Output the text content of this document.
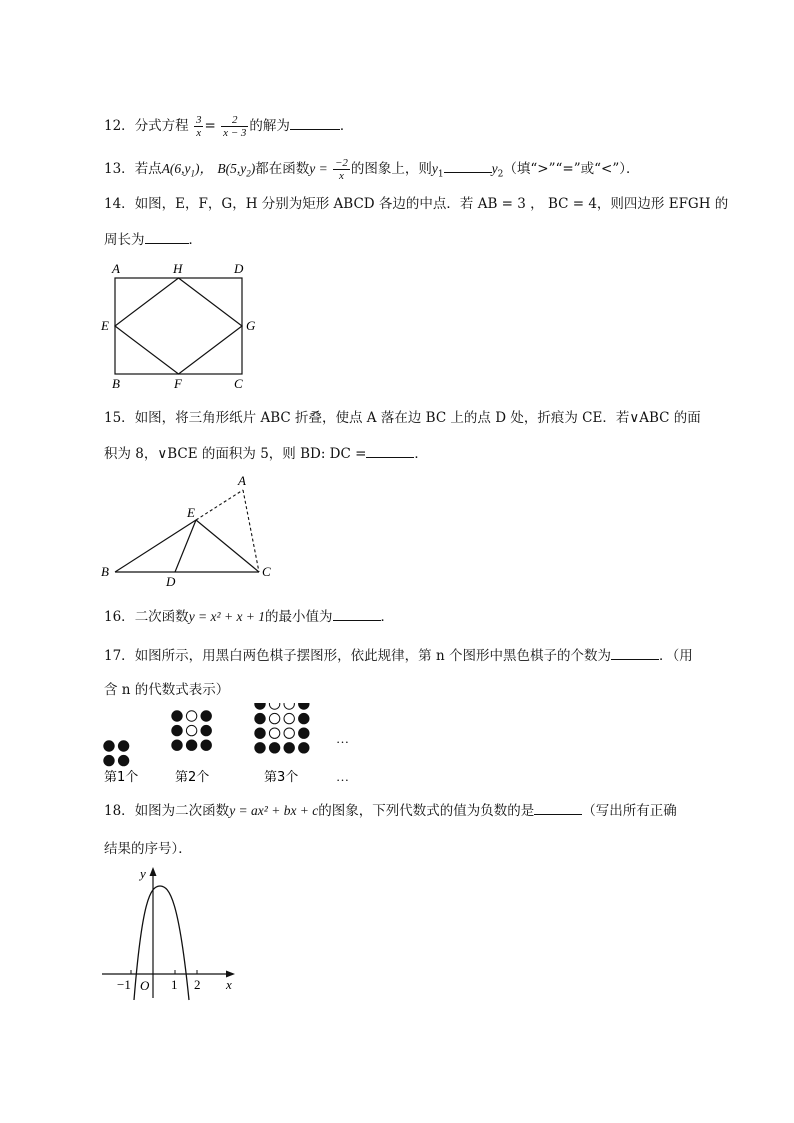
12．分式方程 $\frac{3}{x} = \frac{2}{x - 3}$ 的解为	．
13．若点$A(6,y_1)$， $B(5,y_2)$都在函数$y = \frac{-2}{x}$ 的图象上，则$y_1$	$y_2$（填“>”“=”或“<”）．
14．如图，E，F，G，H 分别为矩形 ABCD 各边的中点．若 AB = 3 ， BC = 4，则四边形 EFGH 的
周长为	．
A	H	D
E	G
B	F	C
15．如图，将三角形纸片 ABC 折叠，使点 A 落在边 BC 上的点 D 处，折痕为 CE．若∨ABC 的面
积为 8，∨BCE 的面积为 5，则 BD: DC =	．
A
E
B
D
C
16．二次函数y = x² + x + 1的最小值为	．
17．如图所示，用黑白两色棋子摆图形，依此规律，第 n 个图形中黑色棋子的个数为	．（用
含 n 的代数式表示）
第1个	第2个	第3个
…
…
18．如图为二次函数y = ax² + bx + c的图象，下列代数式的值为负数的是	（写出所有正确
结果的序号）．
y
x
O
−1	1 2
